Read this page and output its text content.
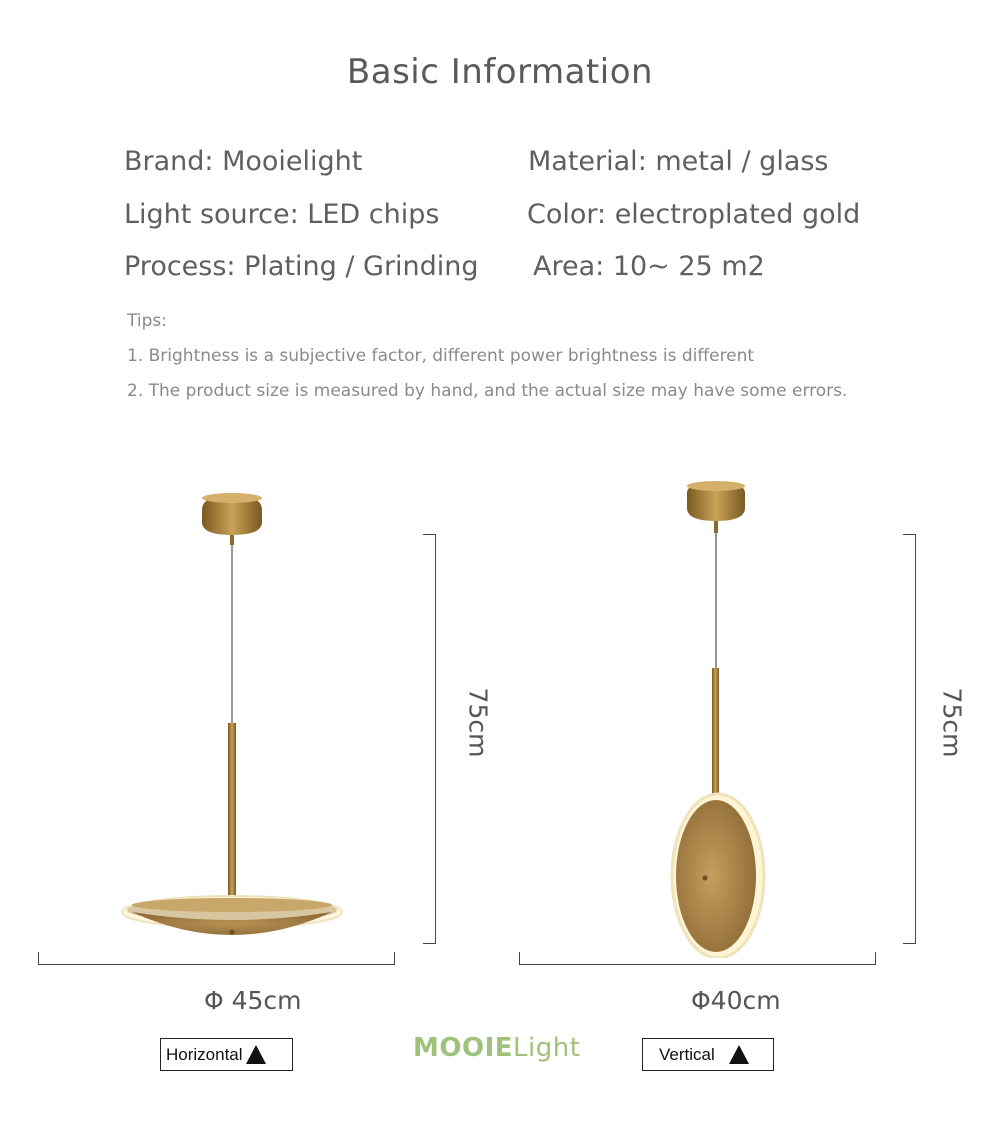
Basic Information
Brand: Mooielight	Material: metal / glass
Light source: LED chips	Color: electroplated gold
Process: Plating / Grinding Area: 10~ 25 m2
Tips:
1. Brightness is a subjective factor, different power brightness is different
2. The product size is measured by hand, and the actual size may have some errors.
75cm	75cm
Φ 45cm	Φ40cm
Horizontal	Vertical
MOOIELight
